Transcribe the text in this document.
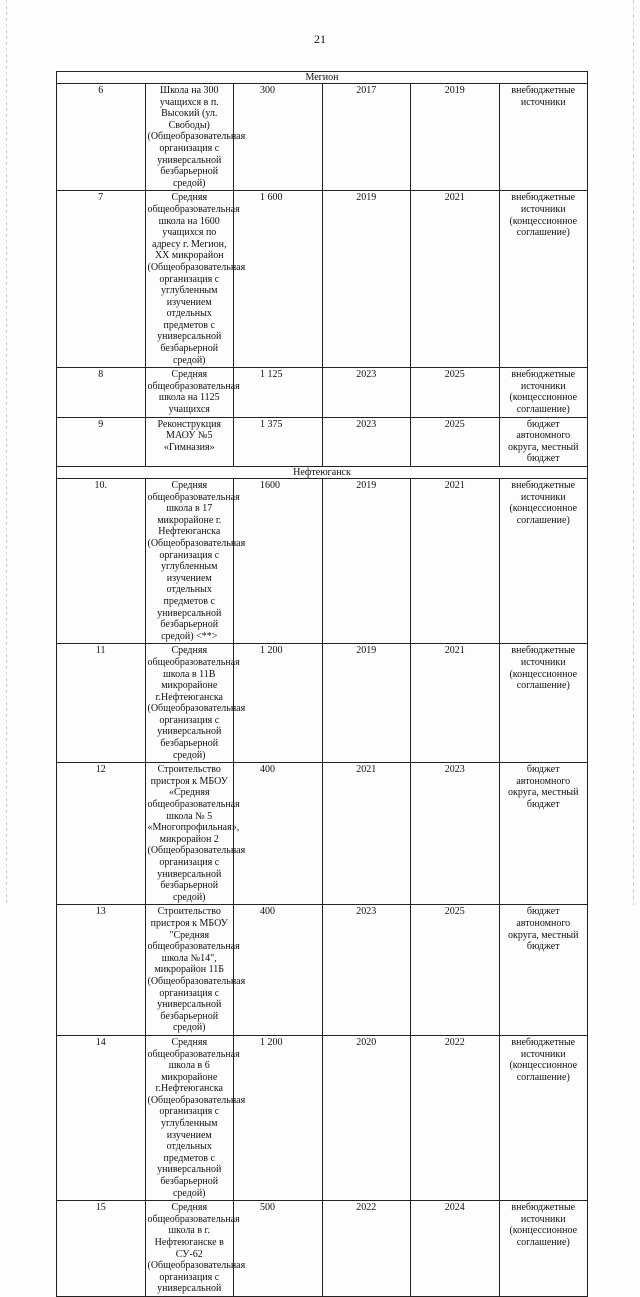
21
Мегион					
6	Школа на 300 учащихся в п. Высокий (ул. Свободы) (Общеобразовательная организация с универсальной безбарьерной средой)	300	2017	2019	внебюджетные источники
7	Средняя общеобразовательная школа на 1600 учащихся по адресу г. Мегион, XX микрорайон (Общеобразовательная организация с углубленным изучением отдельных предметов с универсальной безбарьерной средой)	1 600	2019	2021	внебюджетные источники (концессионное соглашение)
8	Средняя общеобразовательная школа на 1125 учащихся	1 125	2023	2025	внебюджетные источники (концессионное соглашение)
9	Реконструкция МАОУ №5 «Гимназия»	1 375	2023	2025	бюджет автономного округа, местный бюджет
Нефтеюганск					
10.	Средняя общеобразовательная школа в 17 микрорайоне г. Нефтеюганска (Общеобразовательная организация с углубленным изучением отдельных предметов с универсальной безбарьерной средой) <**>	1600	2019	2021	внебюджетные источники (концессионное соглашение)
11	Средняя общеобразовательная школа в 11В микрорайоне г.Нефтеюганска (Общеобразовательная организация с универсальной безбарьерной средой)	1 200	2019	2021	внебюджетные источники (концессионное соглашение)
12	Строительство пристроя к МБОУ «Средняя общеобразовательная школа № 5 «Многопрофильная», микрорайон 2 (Общеобразовательная организация с универсальной безбарьерной средой)	400	2021	2023	бюджет автономного округа, местный бюджет
13	Строительство пристроя к МБОУ "Средняя общеобразовательная школа №14", микрорайон 11Б (Общеобразовательная организация с универсальной безбарьерной средой)	400	2023	2025	бюджет автономного округа, местный бюджет
14	Средняя общеобразовательная школа в 6 микрорайоне г.Нефтеюганска (Общеобразовательная организация с углубленным изучением отдельных предметов с универсальной безбарьерной средой)	1 200	2020	2022	внебюджетные источники (концессионное соглашение)
15	Средняя общеобразовательная школа в г. Нефтеюганске в СУ-62 (Общеобразовательная организация с универсальной	500	2022	2024	внебюджетные источники (концессионное соглашение)
